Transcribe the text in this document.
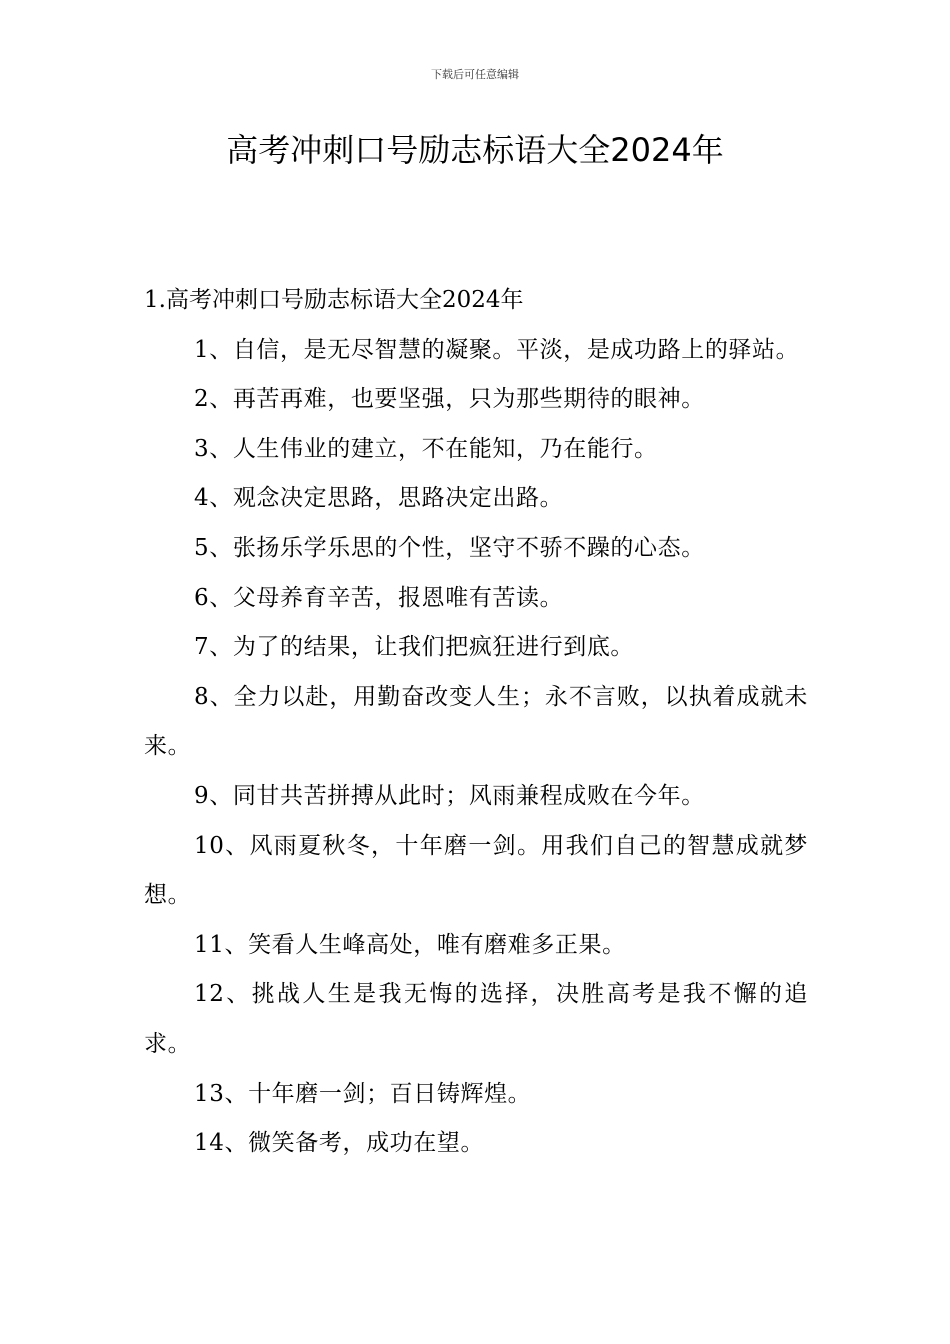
下载后可任意编辑
高考冲刺口号励志标语大全2024年

1.高考冲刺口号励志标语大全2024年

1、自信，是无尽智慧的凝聚。平淡，是成功路上的驿站。

2、再苦再难，也要坚强，只为那些期待的眼神。

3、人生伟业的建立，不在能知，乃在能行。

4、观念决定思路，思路决定出路。

5、张扬乐学乐思的个性，坚守不骄不躁的心态。

6、父母养育辛苦，报恩唯有苦读。

7、为了的结果，让我们把疯狂进行到底。

8、全力以赴，用勤奋改变人生；永不言败，以执着成就未来。

9、同甘共苦拼搏从此时；风雨兼程成败在今年。

10、风雨夏秋冬，十年磨一剑。用我们自己的智慧成就梦想。

11、笑看人生峰高处，唯有磨难多正果。

12、挑战人生是我无悔的选择，决胜高考是我不懈的追求。

13、十年磨一剑；百日铸辉煌。

14、微笑备考，成功在望。
